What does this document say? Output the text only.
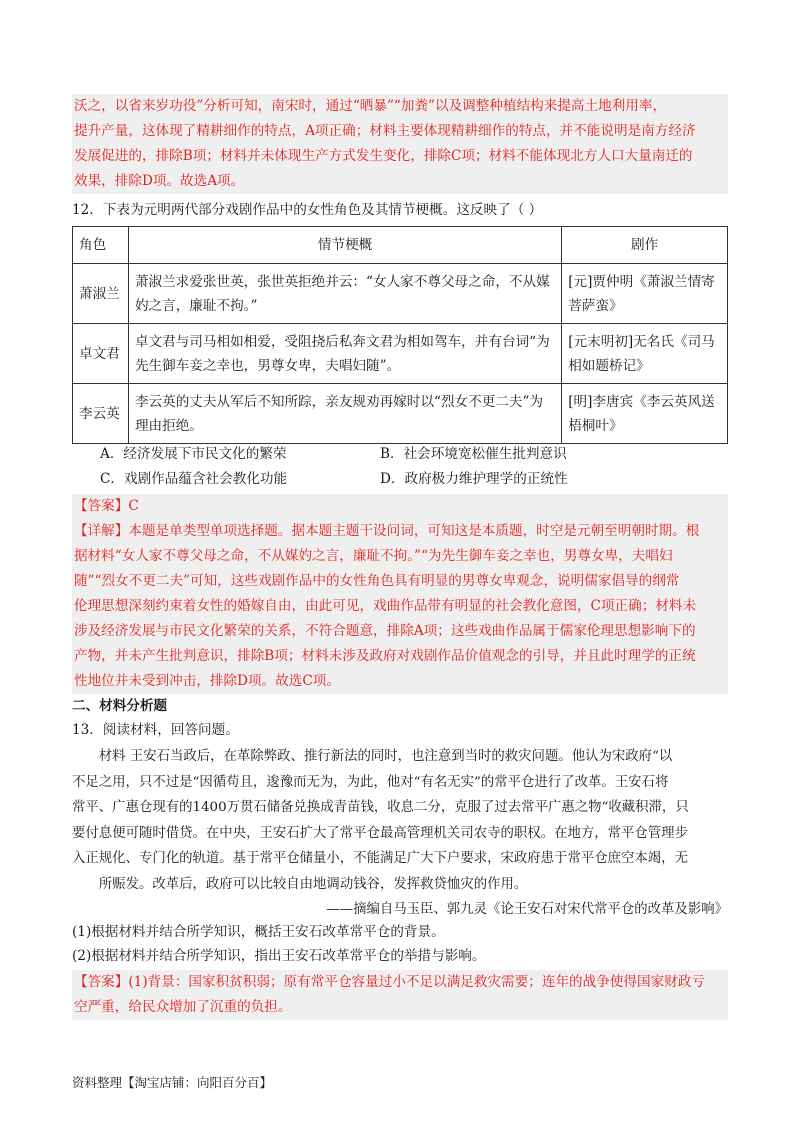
沃之，以省来岁功役”分析可知，南宋时，通过“晒暴”“加粪”以及调整种植结构来提高土地利用率，
提升产量，这体现了精耕细作的特点，A项正确；材料主要体现精耕细作的特点，并不能说明是南方经济
发展促进的，排除B项；材料并未体现生产方式发生变化，排除C项；材料不能体现北方人口大量南迁的
效果，排除D项。故选A项。
12．下表为元明两代部分戏剧作品中的女性角色及其情节梗概。这反映了（ ）
角色	情节梗概	剧作
萧淑兰	萧淑兰求爱张世英，张世英拒绝并云：“女人家不尊父母之命，不从媒妁之言，廉耻不拘。”	[元]贾仲明《萧淑兰情寄菩萨蛮》
卓文君	卓文君与司马相如相爱，受阻挠后私奔文君为相如驾车，并有台词“为先生御车妾之幸也，男尊女卑，夫唱妇随”。	[元末明初]无名氏《司马相如题桥记》
李云英	李云英的丈夫从军后不知所踪，亲友规劝再嫁时以“烈女不更二夫”为理由拒绝。	[明]李唐宾《李云英风送梧桐叶》
A．经济发展下市民文化的繁荣	B．社会环境宽松催生批判意识
C．戏剧作品蕴含社会教化功能	D．政府极力维护理学的正统性
【答案】C
【详解】本题是单类型单项选择题。据本题主题干设问词，可知这是本质题，时空是元朝至明朝时期。根
据材料“女人家不尊父母之命，不从媒妁之言，廉耻不拘。”“为先生御车妾之幸也，男尊女卑，夫唱妇
随”“烈女不更二夫”可知，这些戏剧作品中的女性角色具有明显的男尊女卑观念，说明儒家倡导的纲常
伦理思想深刻约束着女性的婚嫁自由，由此可见，戏曲作品带有明显的社会教化意图，C项正确；材料未
涉及经济发展与市民文化繁荣的关系，不符合题意，排除A项；这些戏曲作品属于儒家伦理思想影响下的
产物，并未产生批判意识，排除B项；材料未涉及政府对戏剧作品价值观念的引导，并且此时理学的正统
性地位并未受到冲击，排除D项。故选C项。
二、材料分析题
13．阅读材料，回答问题。
材料 王安石当政后，在革除弊政、推行新法的同时，也注意到当时的救灾问题。他认为宋政府“以
不足之用，只不过是“因循苟且，逡豫而无为，为此，他对“有名无实”的常平仓进行了改革。王安石将
常平、广惠仓现有的1400万贯石储备兑换成青苗钱，收息二分，克服了过去常平广惠之物“收藏积滞，只
要付息便可随时借贷。在中央，王安石扩大了常平仓最高管理机关司农寺的职权。在地方，常平仓管理步
入正规化、专门化的轨道。基于常平仓储量小，不能满足广大下户要求，宋政府患于常平仓庶空本竭，无
所赈发。改革后，政府可以比较自由地调动钱谷，发挥救贷恤灾的作用。
——摘编自马玉臣、郭九灵《论王安石对宋代常平仓的改革及影响》
(1)根据材料并结合所学知识，概括王安石改革常平仓的背景。
(2)根据材料并结合所学知识，指出王安石改革常平仓的举措与影响。
【答案】(1)背景：国家积贫积弱；原有常平仓容量过小不足以满足救灾需要；连年的战争使得国家财政亏
空严重，给民众增加了沉重的负担。
资料整理【淘宝店铺：向阳百分百】
